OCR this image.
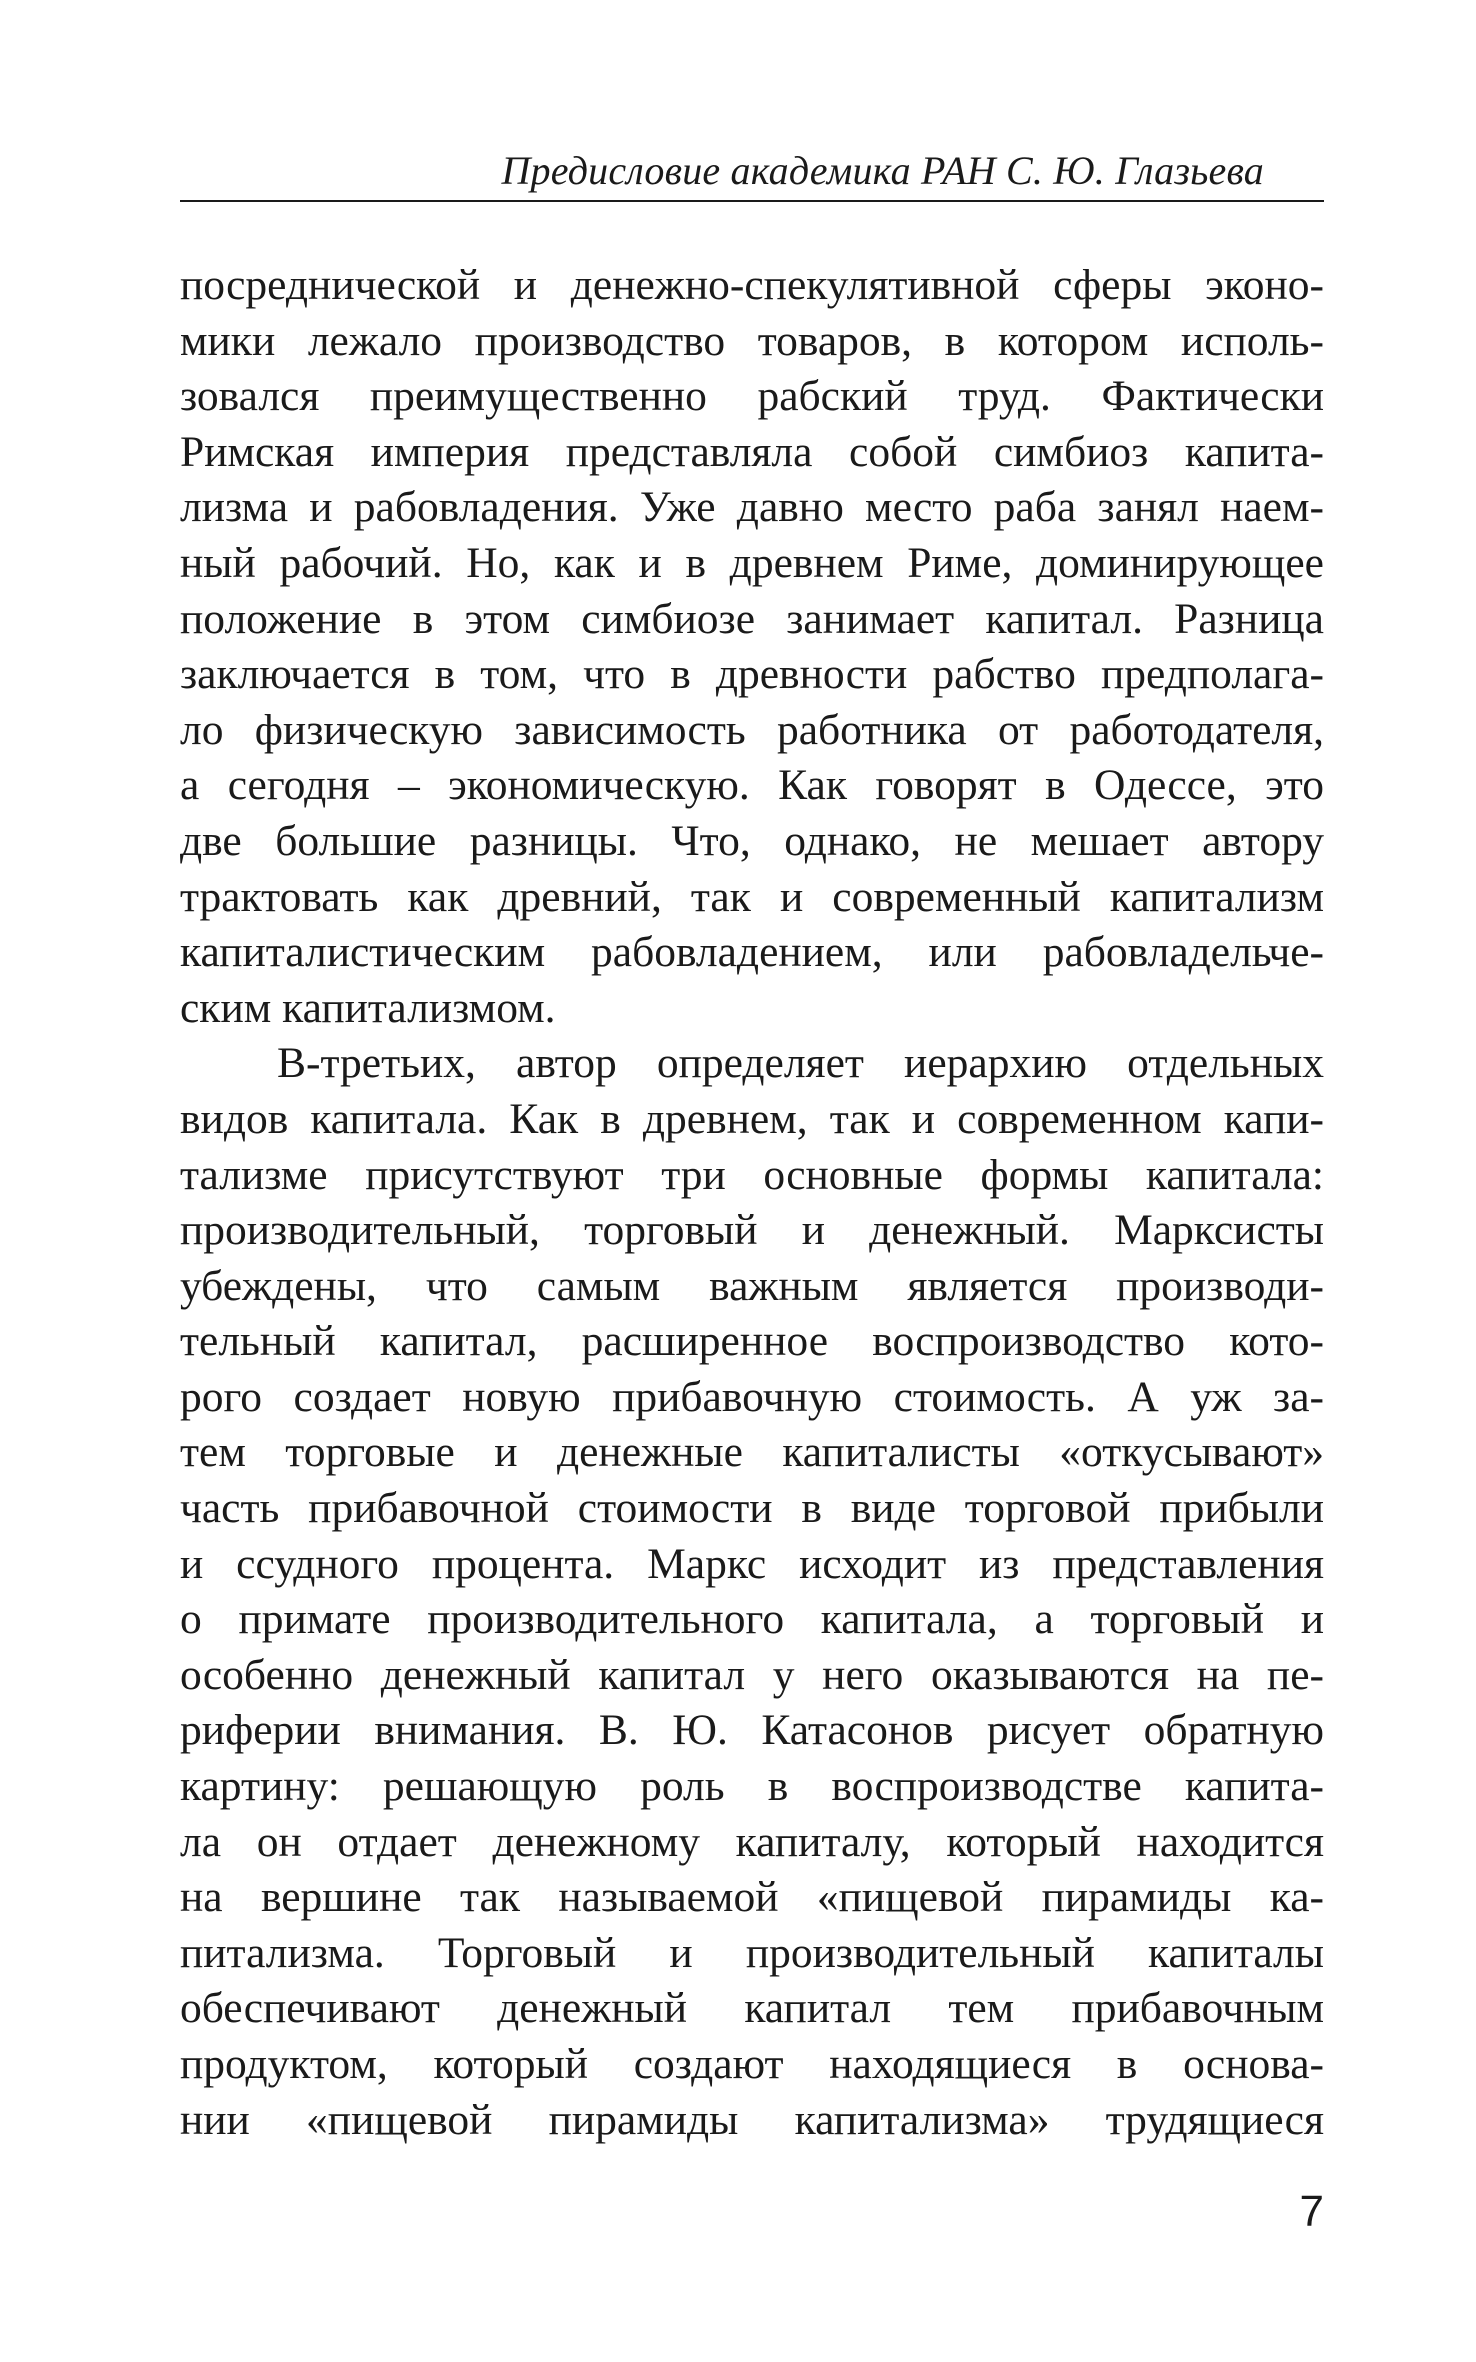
Предисловие академика РАН С. Ю. Глазьева

посреднической и денежно-спекулятивной сферы эконо-
мики лежало производство товаров, в котором исполь-
зовался преимущественно рабский труд. Фактически
Римская империя представляла собой симбиоз капита-
лизма и рабовладения. Уже давно место раба занял наем-
ный рабочий. Но, как и в древнем Риме, доминирующее
положение в этом симбиозе занимает капитал. Разница
заключается в том, что в древности рабство предполага-
ло физическую зависимость работника от работодателя,
а сегодня – экономическую. Как говорят в Одессе, это
две большие разницы. Что, однако, не мешает автору
трактовать как древний, так и современный капитализм
капиталистическим рабовладением, или рабовладельче-
ским капитализмом.

В-третьих, автор определяет иерархию отдельных
видов капитала. Как в древнем, так и современном капи-
тализме присутствуют три основные формы капитала:
производительный, торговый и денежный. Марксисты
убеждены, что самым важным является производи-
тельный капитал, расширенное воспроизводство кото-
рого создает новую прибавочную стоимость. А уж за-
тем торговые и денежные капиталисты «откусывают»
часть прибавочной стоимости в виде торговой прибыли
и ссудного процента. Маркс исходит из представления
о примате производительного капитала, а торговый и
особенно денежный капитал у него оказываются на пе-
риферии внимания. В. Ю. Катасонов рисует обратную
картину: решающую роль в воспроизводстве капита-
ла он отдает денежному капиталу, который находится
на вершине так называемой «пищевой пирамиды ка-
питализма. Торговый и производительный капиталы
обеспечивают денежный капитал тем прибавочным
продуктом, который создают находящиеся в основа-
нии «пищевой пирамиды капитализма» трудящиеся

7
